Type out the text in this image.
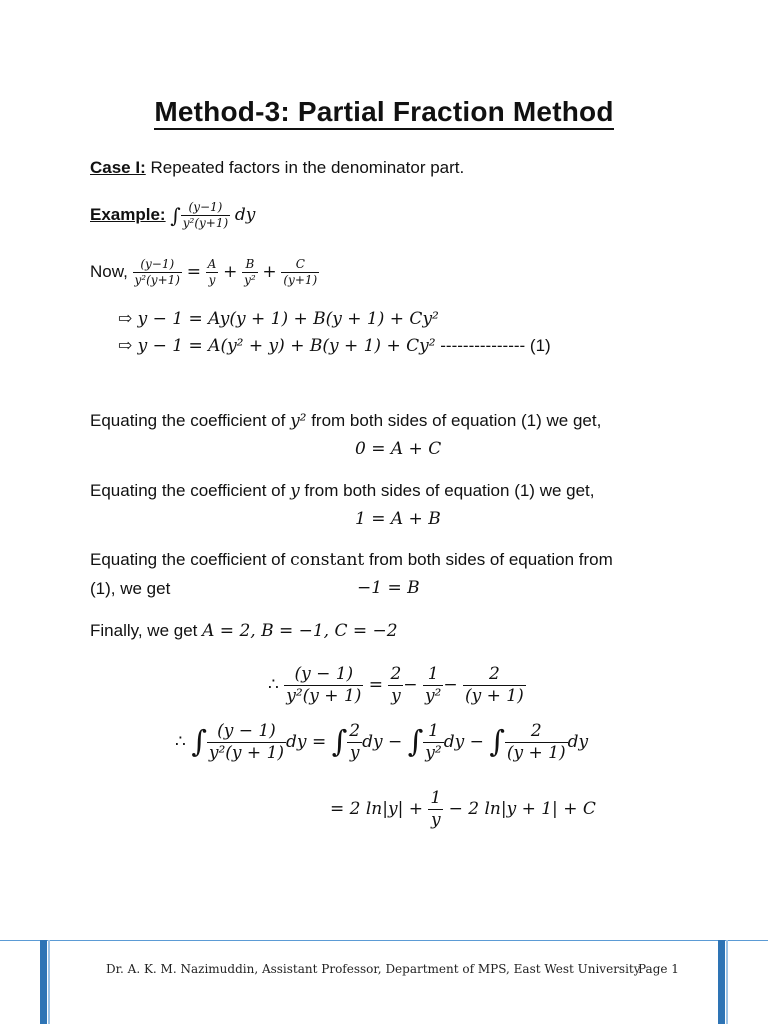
Method-3: Partial Fraction Method
Case I: Repeated factors in the denominator part.
Example: ∫ $\frac{(y-1)}{\text{y²(y+1)}}$ dy
Now, $\frac{(y-1)}{\text{y²(y+1)}} = \frac{A}{y} + \frac{B}{\text{y²}} + \frac{C}{(y+1)}$
⇨ y − 1 = Ay(y + 1) + B(y + 1) + Cy²
⇨ y − 1 = A(y² + y) + B(y + 1) + Cy² --------------- (1)
Equating the coefficient of y² from both sides of equation (1) we get,
0 = A + C
Equating the coefficient of y from both sides of equation (1) we get,
1 = A + B
Equating the coefficient of constant from both sides of equation from
(1), we get	−1 = B
Finally, we get A = 2, B = −1, C = −2
∴ $\frac{(y - 1)}{\text{y²(y + 1)}} = \frac{2}{y} - \frac{1}{\text{y²}} - \frac{2}{(y + 1)}$
∴ ∫ $\frac{(y - 1)}{\text{y²(y + 1)}}$ dy = ∫ $\frac{2}{y}$ dy − ∫ $\frac{1}{\text{y²}}$ dy − ∫ $\frac{2}{(y + 1)}$ dy
= 2 $\ln|y| + \frac{1}{y} - 2$ ln|y + 1| + C
Dr. A. K. M. Nazimuddin, Assistant Professor, Department of MPS, East West University
Page 1
